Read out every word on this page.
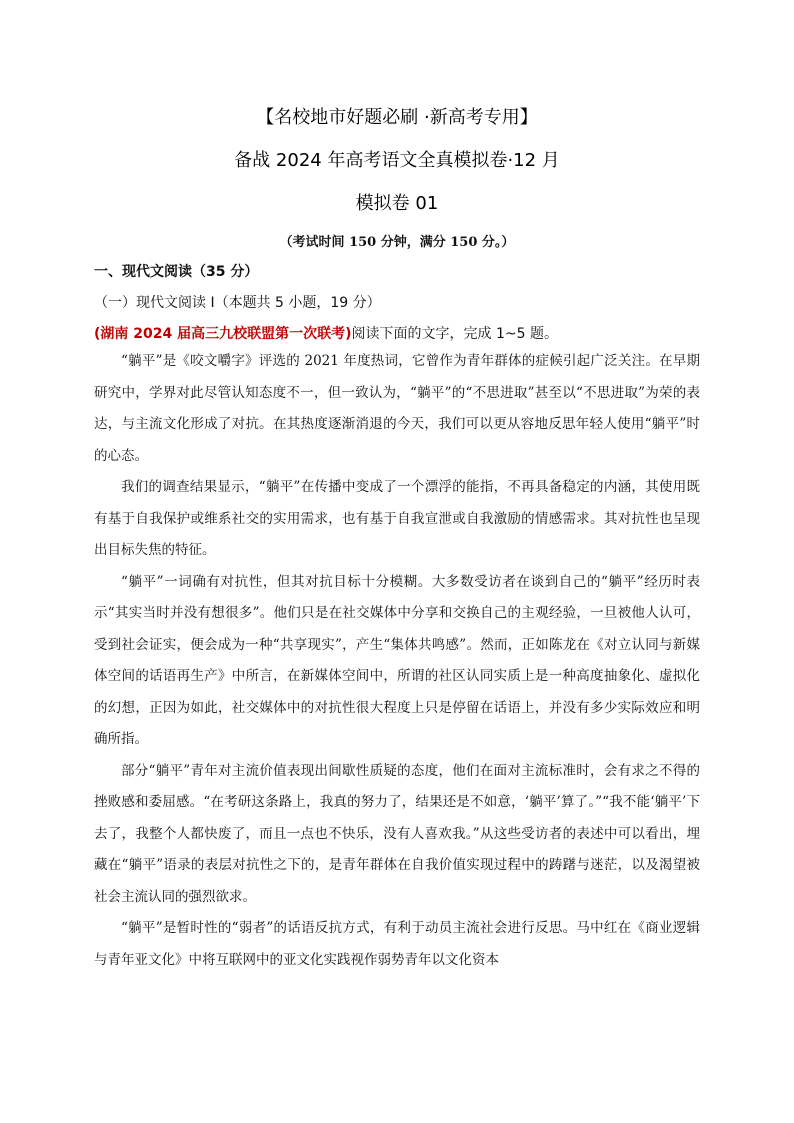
【名校地市好题必刷 ·新高考专用】
备战 2024 年高考语文全真模拟卷·12 月
模拟卷 01
（考试时间 150 分钟，满分 150 分。）
一、现代文阅读（35 分）
（一）现代文阅读 I（本题共 5 小题，19 分）
(湖南 2024 届高三九校联盟第一次联考)阅读下面的文字，完成 1~5 题。

“躺平”是《咬文嚼字》评选的 2021 年度热词，它曾作为青年群体的症候引起广泛关注。在早期研究中，学界对此尽管认知态度不一，但一致认为，“躺平”的“不思进取”甚至以“不思进取”为荣的表达，与主流文化形成了对抗。在其热度逐渐消退的今天，我们可以更从容地反思年轻人使用“躺平”时的心态。

我们的调查结果显示，“躺平”在传播中变成了一个漂浮的能指，不再具备稳定的内涵，其使用既有基于自我保护或维系社交的实用需求，也有基于自我宣泄或自我激励的情感需求。其对抗性也呈现出目标失焦的特征。

“躺平”一词确有对抗性，但其对抗目标十分模糊。大多数受访者在谈到自己的“躺平”经历时表示“其实当时并没有想很多”。他们只是在社交媒体中分享和交换自己的主观经验，一旦被他人认可，受到社会证实，便会成为一种“共享现实”，产生“集体共鸣感”。然而，正如陈龙在《对立认同与新媒体空间的话语再生产》中所言，在新媒体空间中，所谓的社区认同实质上是一种高度抽象化、虚拟化的幻想，正因为如此，社交媒体中的对抗性很大程度上只是停留在话语上，并没有多少实际效应和明确所指。

部分“躺平”青年对主流价值表现出间歇性质疑的态度，他们在面对主流标准时，会有求之不得的挫败感和委屈感。“在考研这条路上，我真的努力了，结果还是不如意，‘躺平’算了。”“我不能‘躺平’下去了，我整个人都快废了，而且一点也不快乐，没有人喜欢我。”从这些受访者的表述中可以看出，埋藏在“躺平”语录的表层对抗性之下的，是青年群体在自我价值实现过程中的踌躇与迷茫，以及渴望被社会主流认同的强烈欲求。

“躺平”是暂时性的“弱者”的话语反抗方式，有利于动员主流社会进行反思。马中红在《商业逻辑与青年亚文化》中将互联网中的亚文化实践视作弱势青年以文化资本
